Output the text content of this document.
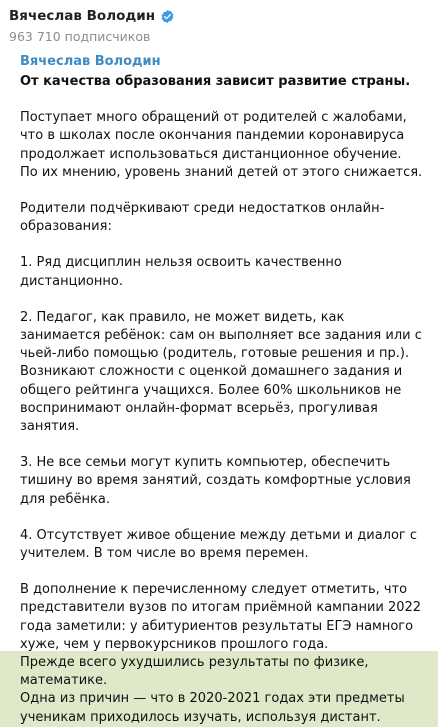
Вячеслав Володин
963 710 подписчиков
Вячеслав Володин
От качества образования зависит развитие страны.

Поступает много обращений от родителей с жалобами, что в школах после окончания пандемии коронавируса продолжает использоваться дистанционное обучение.
По их мнению, уровень знаний детей от этого снижается.

Родители подчёркивают среди недостатков онлайн-образования:

1. Ряд дисциплин нельзя освоить качественно дистанционно.

2. Педагог, как правило, не может видеть, как занимается ребёнок: сам он выполняет все задания или с чьей-либо помощью (родитель, готовые решения и пр.). Возникают сложности с оценкой домашнего задания и общего рейтинга учащихся. Более 60% школьников не воспринимают онлайн-формат всерьёз, прогуливая занятия.

3. Не все семьи могут купить компьютер, обеспечить тишину во время занятий, создать комфортные условия для ребёнка.

4. Отсутствует живое общение между детьми и диалог с учителем. В том числе во время перемен.

В дополнение к перечисленному следует отметить, что представители вузов по итогам приёмной кампании 2022 года заметили: у абитуриентов результаты ЕГЭ намного хуже, чем у первокурсников прошлого года.
Прежде всего ухудшились результаты по физике, математике.
Одна из причин — что в 2020-2021 годах эти предметы ученикам приходилось изучать, используя дистант.
